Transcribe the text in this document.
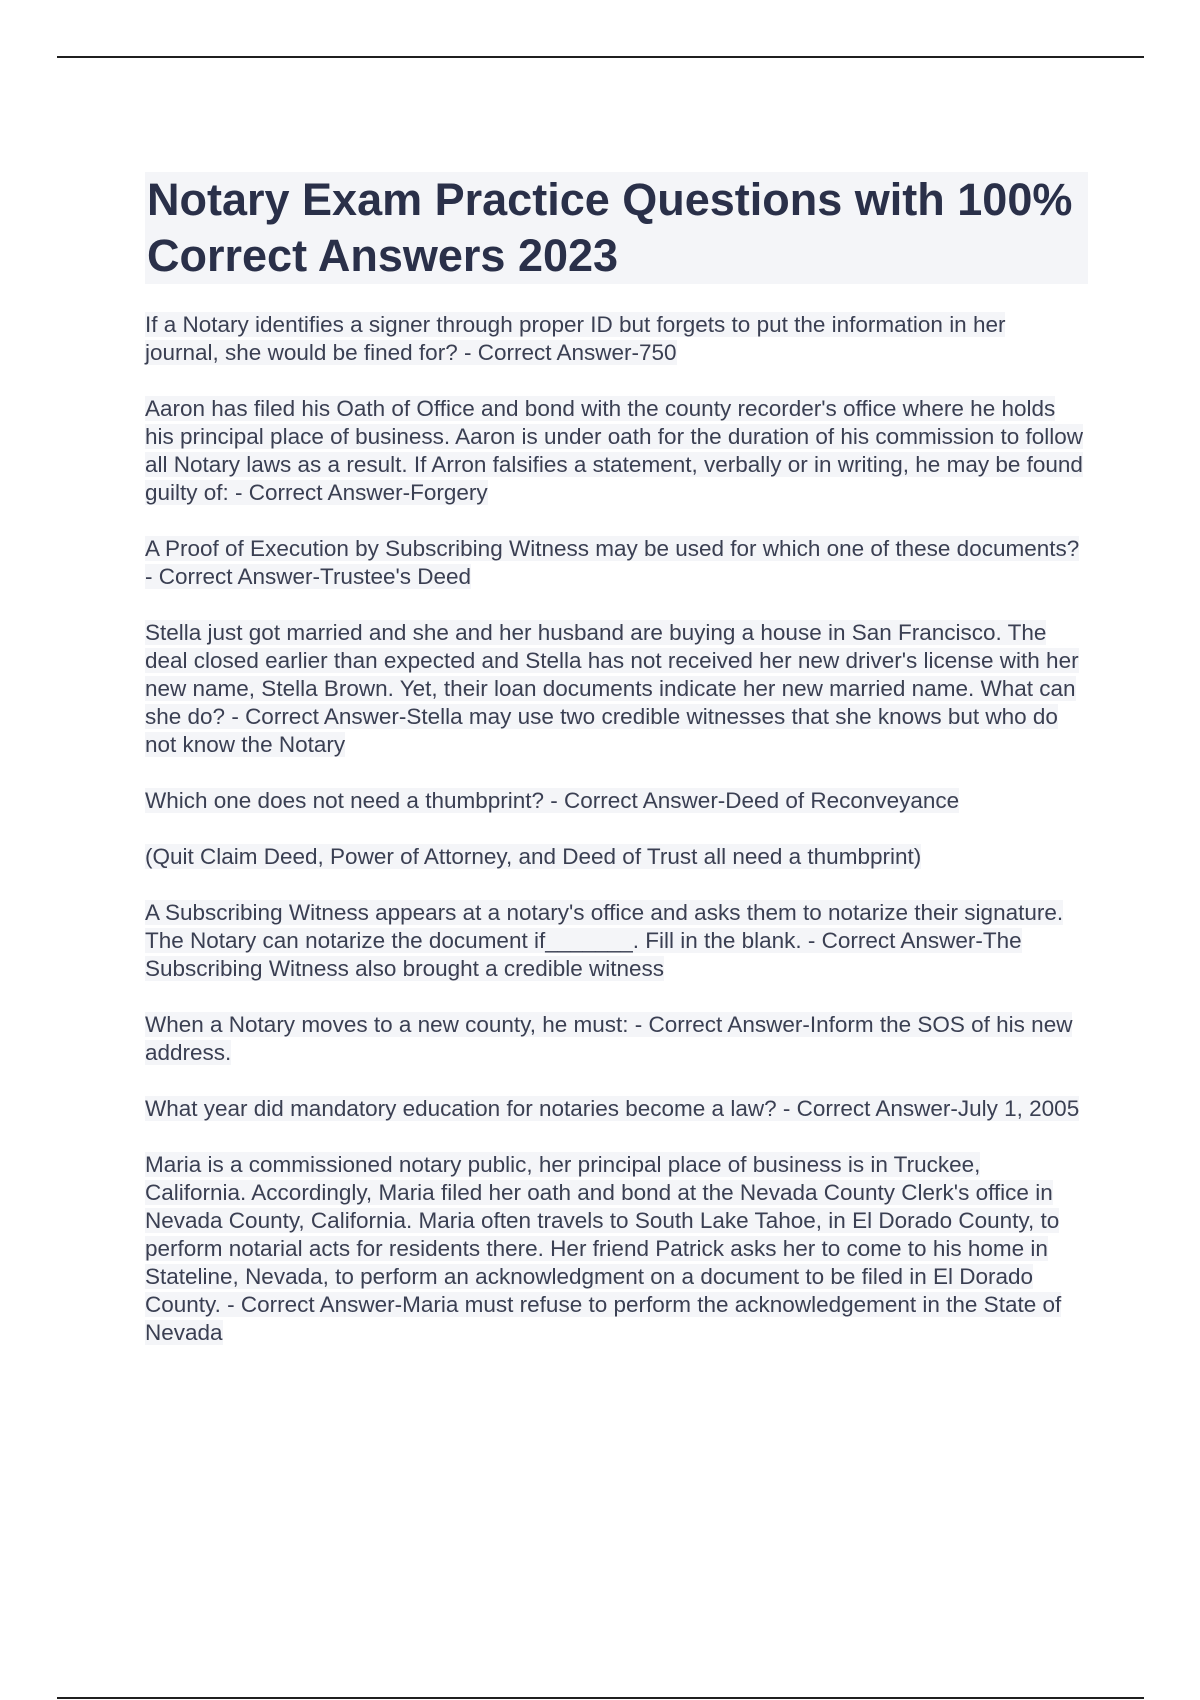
Notary Exam Practice Questions with 100% Correct Answers 2023

If a Notary identifies a signer through proper ID but forgets to put the information in her journal, she would be fined for? - Correct Answer-750

Aaron has filed his Oath of Office and bond with the county recorder's office where he holds his principal place of business. Aaron is under oath for the duration of his commission to follow all Notary laws as a result. If Arron falsifies a statement, verbally or in writing, he may be found guilty of: - Correct Answer-Forgery

A Proof of Execution by Subscribing Witness may be used for which one of these documents? - Correct Answer-Trustee's Deed

Stella just got married and she and her husband are buying a house in San Francisco. The deal closed earlier than expected and Stella has not received her new driver's license with her new name, Stella Brown. Yet, their loan documents indicate her new married name. What can she do? - Correct Answer-Stella may use two credible witnesses that she knows but who do not know the Notary

Which one does not need a thumbprint? - Correct Answer-Deed of Reconveyance

(Quit Claim Deed, Power of Attorney, and Deed of Trust all need a thumbprint)

A Subscribing Witness appears at a notary's office and asks them to notarize their signature. The Notary can notarize the document if_______. Fill in the blank. - Correct Answer-The Subscribing Witness also brought a credible witness

When a Notary moves to a new county, he must: - Correct Answer-Inform the SOS of his new address.

What year did mandatory education for notaries become a law? - Correct Answer-July 1, 2005

Maria is a commissioned notary public, her principal place of business is in Truckee, California. Accordingly, Maria filed her oath and bond at the Nevada County Clerk's office in Nevada County, California. Maria often travels to South Lake Tahoe, in El Dorado County, to perform notarial acts for residents there. Her friend Patrick asks her to come to his home in Stateline, Nevada, to perform an acknowledgment on a document to be filed in El Dorado County. - Correct Answer-Maria must refuse to perform the acknowledgement in the State of Nevada
